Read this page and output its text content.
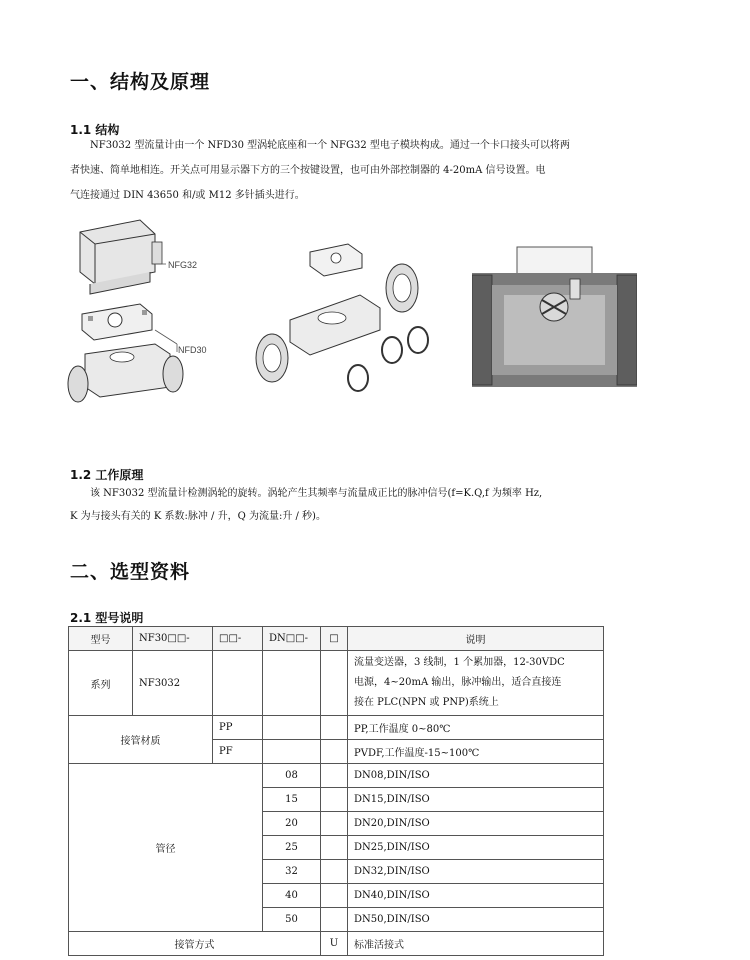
一、结构及原理
1.1 结构
NF3032 型流量计由一个 NFD30 型涡轮底座和一个 NFG32 型电子模块构成。通过一个卡口接头可以将两
者快速、简单地相连。开关点可用显示器下方的三个按键设置，也可由外部控制器的 4-20mA 信号设置。电
气连接通过 DIN 43650 和/或 M12 多针插头进行。
NFG32
NFD30
1.2 工作原理
该 NF3032 型流量计检测涡轮的旋转。涡轮产生其频率与流量成正比的脉冲信号(f=K.Q,f 为频率 Hz,
K 为与接头有关的 K 系数:脉冲 / 升，Q 为流量:升 / 秒)。
二、选型资料
2.1 型号说明
型号	NF30□□-	□□-	DN□□-	□	说明
系列	NF3032				流量变送器，3 线制，1 个累加器，12-30VDC
电源，4~20mA 输出，脉冲输出，适合直接连
接在 PLC(NPN 或 PNP)系统上

接管材质		PP			PP,工作温度 0~80℃
		PF			PVDF,工作温度-15~100℃
管径			08		DN08,DIN/ISO
			15		DN15,DIN/ISO
			20		DN20,DIN/ISO
			25		DN25,DIN/ISO
			32		DN32,DIN/ISO
			40		DN40,DIN/ISO
			50		DN50,DIN/ISO
接管方式				U	标准活接式
